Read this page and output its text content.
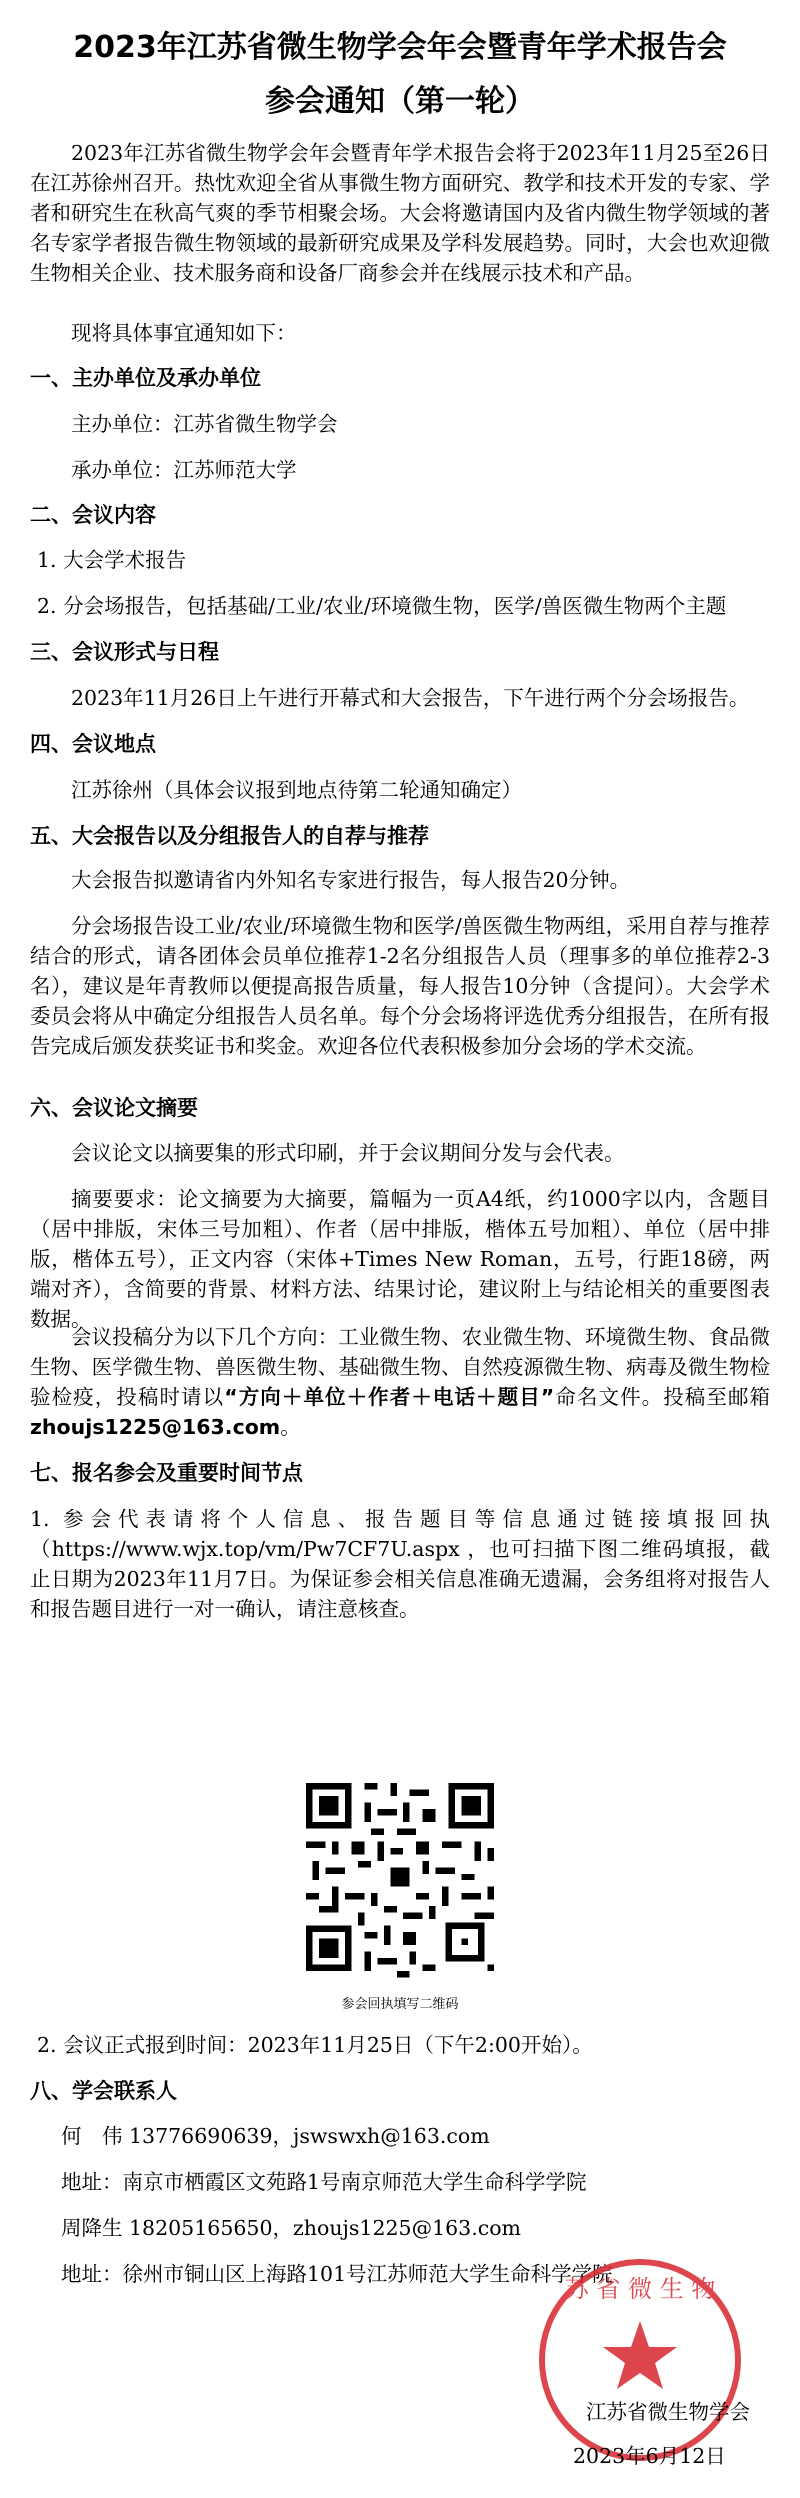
2023年江苏省微生物学会年会暨青年学术报告会
参会通知（第一轮）
2023年江苏省微生物学会年会暨青年学术报告会将于2023年11月25至26日在江苏徐州召开。热忱欢迎全省从事微生物方面研究、教学和技术开发的专家、学者和研究生在秋高气爽的季节相聚会场。大会将邀请国内及省内微生物学领域的著名专家学者报告微生物领域的最新研究成果及学科发展趋势。同时，大会也欢迎微生物相关企业、技术服务商和设备厂商参会并在线展示技术和产品。
现将具体事宜通知如下：
一、主办单位及承办单位
主办单位：江苏省微生物学会
承办单位：江苏师范大学
二、会议内容
1. 大会学术报告
2. 分会场报告，包括基础/工业/农业/环境微生物，医学/兽医微生物两个主题
三、会议形式与日程
2023年11月26日上午进行开幕式和大会报告，下午进行两个分会场报告。
四、会议地点
江苏徐州（具体会议报到地点待第二轮通知确定）
五、大会报告以及分组报告人的自荐与推荐
大会报告拟邀请省内外知名专家进行报告，每人报告20分钟。
分会场报告设工业/农业/环境微生物和医学/兽医微生物两组，采用自荐与推荐结合的形式，请各团体会员单位推荐1-2名分组报告人员（理事多的单位推荐2-3名），建议是年青教师以便提高报告质量，每人报告10分钟（含提问）。大会学术委员会将从中确定分组报告人员名单。每个分会场将评选优秀分组报告，在所有报告完成后颁发获奖证书和奖金。欢迎各位代表积极参加分会场的学术交流。
六、会议论文摘要
会议论文以摘要集的形式印刷，并于会议期间分发与会代表。
摘要要求：论文摘要为大摘要，篇幅为一页A4纸，约1000字以内，含题目（居中排版，宋体三号加粗）、作者（居中排版，楷体五号加粗）、单位（居中排版，楷体五号），正文内容（宋体+Times New Roman，五号，行距18磅，两端对齐），含简要的背景、材料方法、结果讨论，建议附上与结论相关的重要图表数据。
会议投稿分为以下几个方向：工业微生物、农业微生物、环境微生物、食品微生物、医学微生物、兽医微生物、基础微生物、自然疫源微生物、病毒及微生物检验检疫，投稿时请以“方向＋单位＋作者＋电话＋题目”命名文件。投稿至邮箱zhoujs1225@163.com。
七、报名参会及重要时间节点
1. 参会代表请将个人信息、报告题目等信息通过链接填报回执（https://www.wjx.top/vm/Pw7CF7U.aspx ，也可扫描下图二维码填报，截止日期为2023年11月7日。为保证参会相关信息准确无遗漏，会务组将对报告人和报告题目进行一对一确认，请注意核查。
参会回执填写二维码
2. 会议正式报到时间：2023年11月25日（下午2:00开始）。
八、学会联系人
何　伟 13776690639，jswswxh@163.com
地址：南京市栖霞区文苑路1号南京师范大学生命科学学院
周降生 18205165650，zhoujs1225@163.com
地址：徐州市铜山区上海路101号江苏师范大学生命科学学院
苏 省 微 生 物
江苏省微生物学会
2023年6月12日
